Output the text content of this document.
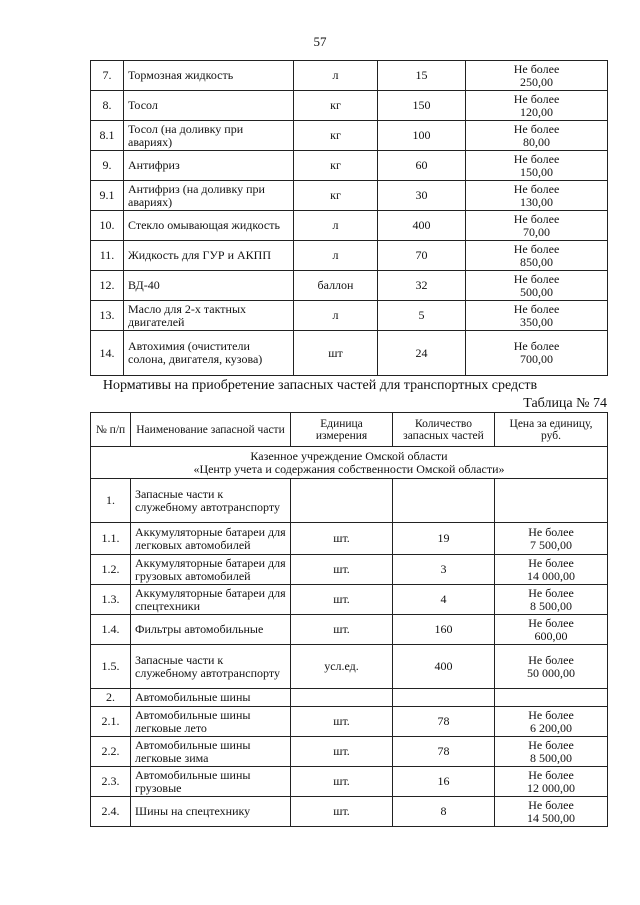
57
7.	Тормозная жидкость	л	15	Не более
250,00

8.	Тосол	кг	150	Не более
120,00

8.1	Тосол (на доливку при авариях)	кг	100	Не более
80,00

9.	Антифриз	кг	60	Не более
150,00

9.1	Антифриз (на доливку при авариях)	кг	30	Не более
130,00

10.	Стекло омывающая жидкость	л	400	Не более
70,00

11.	Жидкость для ГУР и АКПП	л	70	Не более
850,00

12.	ВД-40	баллон	32	Не более
500,00

13.	Масло для 2-х тактных двигателей	л	5	Не более
350,00

14.	Автохимия (очистители солона, двигателя, кузова)	шт	24	Не более
700,00
Нормативы на приобретение запасных частей для транспортных средств
Таблица № 74
№ п/п	Наименование запасной части	Единица измерения	Количество запасных частей	Цена за единицу, руб.

Казенное учреждение Омской области
«Центр учета и содержания собственности Омской области»				

1.	Запасные части к служебному автотранспорту			

1.1.	Аккумуляторные батареи для легковых автомобилей	шт.	19	Не более
7 500,00

1.2.	Аккумуляторные батареи для грузовых автомобилей	шт.	3	Не более
14 000,00

1.3.	Аккумуляторные батареи для спецтехники	шт.	4	Не более
8 500,00

1.4.	Фильтры автомобильные	шт.	160	Не более
600,00

1.5.	Запасные части к служебному автотранспорту	усл.ед.	400	Не более
50 000,00

2.	Автомобильные шины			

2.1.	Автомобильные шины легковые лето	шт.	78	Не более
6 200,00

2.2.	Автомобильные шины легковые зима	шт.	78	Не более
8 500,00

2.3.	Автомобильные шины грузовые	шт.	16	Не более
12 000,00

2.4.	Шины на спецтехнику	шт.	8	Не более
14 500,00
